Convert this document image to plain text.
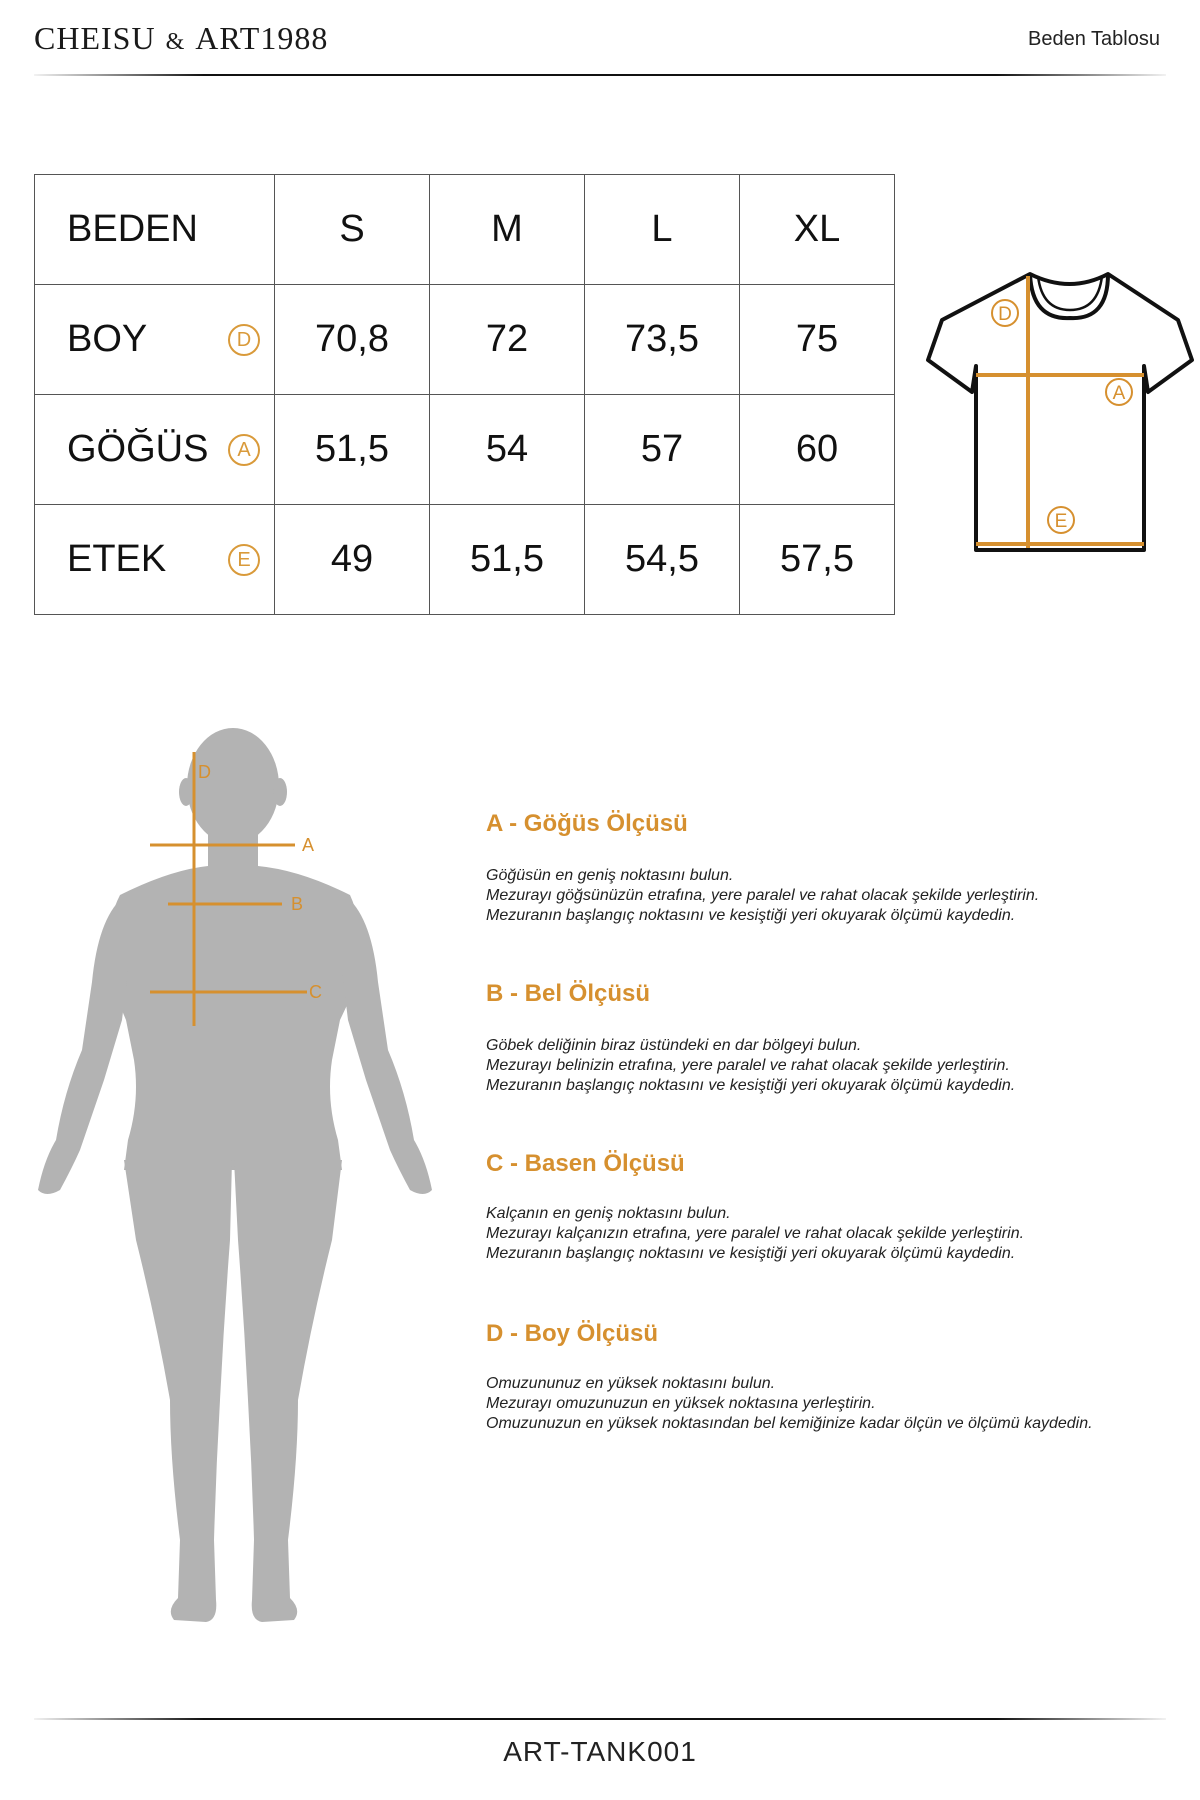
CHEISU & ART1988	Beden Tablosu
BEDEN	S	M	L	XL
BOY D	70,8	72	73,5	75
GÖĞÜS A	51,5	54	57	60
ETEK E	49	51,5	54,5	57,5
D
A
E
D
A
B
C
A - Göğüs Ölçüsü
Göğüsün en geniş noktasını bulun.
Mezurayı göğsünüzün etrafına, yere paralel ve rahat olacak şekilde yerleştirin.
Mezuranın başlangıç noktasını ve kesiştiği yeri okuyarak ölçümü kaydedin.
B - Bel Ölçüsü
Göbek deliğinin biraz üstündeki en dar bölgeyi bulun.
Mezurayı belinizin etrafına, yere paralel ve rahat olacak şekilde yerleştirin.
Mezuranın başlangıç noktasını ve kesiştiği yeri okuyarak ölçümü kaydedin.
C - Basen Ölçüsü
Kalçanın en geniş noktasını bulun.
Mezurayı kalçanızın etrafına, yere paralel ve rahat olacak şekilde yerleştirin.
Mezuranın başlangıç noktasını ve kesiştiği yeri okuyarak ölçümü kaydedin.
D - Boy Ölçüsü
Omuzununuz en yüksek noktasını bulun.
Mezurayı omuzunuzun en yüksek noktasına yerleştirin.
Omuzunuzun en yüksek noktasından bel kemiğinize kadar ölçün ve ölçümü kaydedin.
ART-TANK001
